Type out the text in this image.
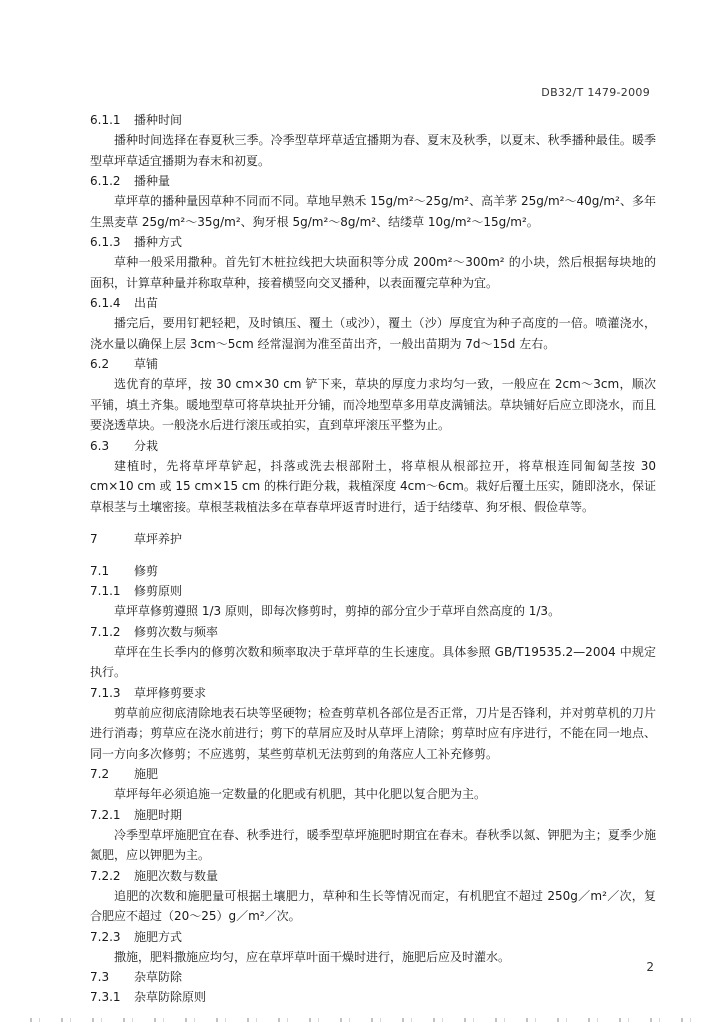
DB32/T 1479-2009
6.1.1 播种时间

播种时间选择在春夏秋三季。冷季型草坪草适宜播期为春、夏末及秋季，以夏末、秋季播种最佳。暖季型草坪草适宜播期为春末和初夏。

6.1.2 播种量

草坪草的播种量因草种不同而不同。草地早熟禾 15g/m²～25g/m²、高羊茅 25g/m²～40g/m²、多年生黑麦草 25g/m²～35g/m²、狗牙根 5g/m²～8g/m²、结缕草 10g/m²～15g/m²。

6.1.3 播种方式

草种一般采用撒种。首先钉木桩拉线把大块面积等分成 200m²～300m² 的小块，然后根据每块地的面积，计算草种量并称取草种，接着横竖向交叉播种，以表面覆完草种为宜。

6.1.4 出苗

播完后，要用钉耙轻耙，及时镇压、覆土（或沙），覆土（沙）厚度宜为种子高度的一倍。喷灌浇水，浇水量以确保上层 3cm～5cm 经常湿润为准至苗出齐，一般出苗期为 7d～15d 左右。

6.2 草铺

选优育的草坪，按 30 cm×30 cm 铲下来，草块的厚度力求均匀一致，一般应在 2cm～3cm，顺次平铺，填土齐集。暖地型草可将草块扯开分铺，而冷地型草多用草皮满铺法。草块铺好后应立即浇水，而且要浇透草块。一般浇水后进行滚压或拍实，直到草坪滚压平整为止。

6.3 分栽

建植时，先将草坪草铲起，抖落或洗去根部附土，将草根从根部拉开，将草根连同匍匐茎按 30 cm×10 cm 或 15 cm×15 cm 的株行距分栽，栽植深度 4cm～6cm。栽好后覆土压实，随即浇水，保证草根茎与土壤密接。草根茎栽植法多在草春草坪返青时进行，适于结缕草、狗牙根、假俭草等。

7	草坪养护
7.1 修剪
7.1.1 修剪原则

草坪草修剪遵照 1/3 原则，即每次修剪时，剪掉的部分宜少于草坪自然高度的 1/3。

7.1.2 修剪次数与频率

草坪在生长季内的修剪次数和频率取决于草坪草的生长速度。具体参照 GB/T19535.2—2004 中规定执行。

7.1.3 草坪修剪要求

剪草前应彻底清除地表石块等坚硬物；检查剪草机各部位是否正常，刀片是否锋利，并对剪草机的刀片进行消毒；剪草应在浇水前进行；剪下的草屑应及时从草坪上清除；剪草时应有序进行，不能在同一地点、同一方向多次修剪；不应逃剪，某些剪草机无法剪到的角落应人工补充修剪。

7.2 施肥

草坪每年必须追施一定数量的化肥或有机肥，其中化肥以复合肥为主。

7.2.1 施肥时期

冷季型草坪施肥宜在春、秋季进行，暖季型草坪施肥时期宜在春末。春秋季以氮、钾肥为主；夏季少施氮肥，应以钾肥为主。

7.2.2 施肥次数与数量

追肥的次数和施肥量可根据土壤肥力，草种和生长等情况而定，有机肥宜不超过 250g／m²／次，复合肥应不超过（20～25）g／m²／次。

7.2.3 施肥方式

撒施，肥料撒施应均匀，应在草坪草叶面干燥时进行，施肥后应及时灌水。

7.3 杂草防除
7.3.1 杂草防除原则
2
